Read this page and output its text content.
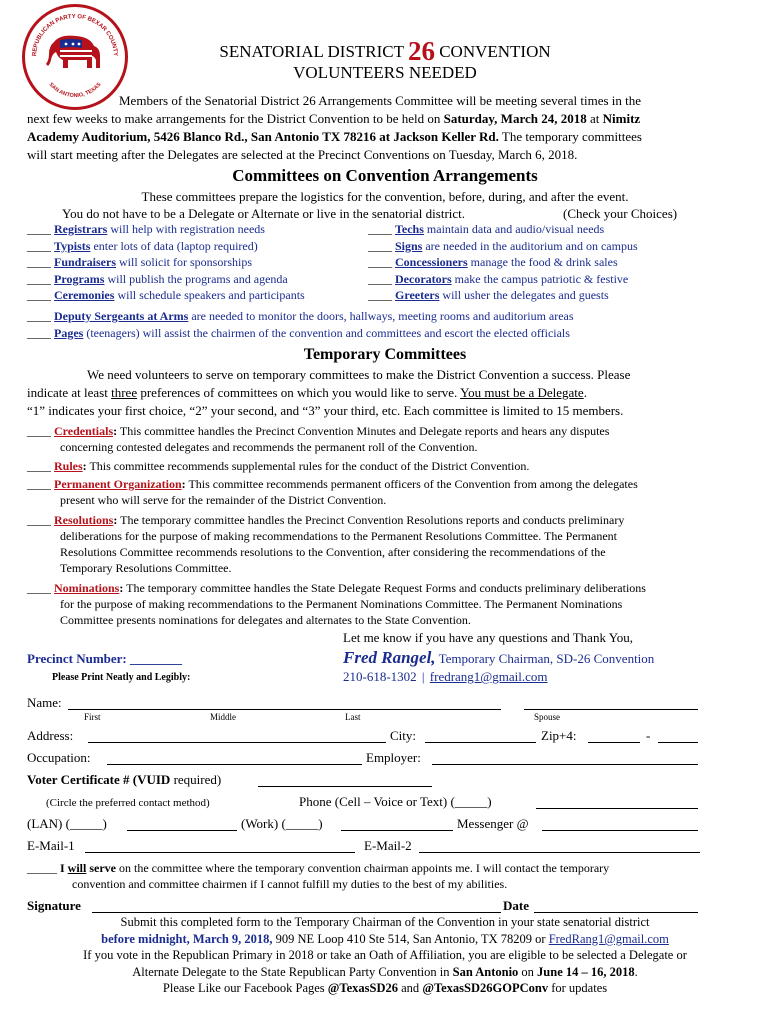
REPUBLICAN PARTY OF BEXAR COUNTY
SAN ANTONIO, TEXAS
SENATORIAL DISTRICT 26 CONVENTION
VOLUNTEERS NEEDED
Members of the Senatorial District 26 Arrangements Committee will be meeting several times in the
next few weeks to make arrangements for the District Convention to be held on Saturday, March 24, 2018 at Nimitz
Academy Auditorium, 5426 Blanco Rd., San Antonio TX 78216 at Jackson Keller Rd. The temporary committees
will start meeting after the Delegates are selected at the Precinct Conventions on Tuesday, March 6, 2018.
Committees on Convention Arrangements
These committees prepare the logistics for the convention, before, during, and after the event.
You do not have to be a Delegate or Alternate or live in the senatorial district.	(Check your Choices)
____ Registrars will help with registration needs
____ Typists enter lots of data (laptop required)
____ Fundraisers will solicit for sponsorships
____ Programs will publish the programs and agenda
____ Ceremonies will schedule speakers and participants
____ Techs maintain data and audio/visual needs
____ Signs are needed in the auditorium and on campus
____ Concessioners manage the food & drink sales
____ Decorators make the campus patriotic & festive
____ Greeters will usher the delegates and guests
____ Deputy Sergeants at Arms are needed to monitor the doors, hallways, meeting rooms and auditorium areas
____ Pages (teenagers) will assist the chairmen of the convention and committees and escort the elected officials
Temporary Committees
We need volunteers to serve on temporary committees to make the District Convention a success. Please
indicate at least three preferences of committees on which you would like to serve. You must be a Delegate.
“1” indicates your first choice, “2” your second, and “3” your third, etc. Each committee is limited to 15 members.
____ Credentials: This committee handles the Precinct Convention Minutes and Delegate reports and hears any disputes
concerning contested delegates and recommends the permanent roll of the Convention.
____ Rules: This committee recommends supplemental rules for the conduct of the District Convention.
____ Permanent Organization: This committee recommends permanent officers of the Convention from among the delegates
present who will serve for the remainder of the District Convention.
____ Resolutions: The temporary committee handles the Precinct Convention Resolutions reports and conducts preliminary
deliberations for the purpose of making recommendations to the Permanent Resolutions Committee. The Permanent
Resolutions Committee recommends resolutions to the Convention, after considering the recommendations of the
Temporary Resolutions Committee.
____ Nominations: The temporary committee handles the State Delegate Request Forms and conducts preliminary deliberations
for the purpose of making recommendations to the Permanent Nominations Committee. The Permanent Nominations
Committee presents nominations for delegates and alternates to the State Convention.
Let me know if you have any questions and Thank You,
Fred Rangel, Temporary Chairman, SD-26 Convention
210-618-1302 | fredrang1@gmail.com
Precinct Number: ________
Please Print Neatly and Legibly:
Name:
First	Middle	Last	Spouse
Address:	City:	Zip+4:	-
Occupation:	Employer:
Voter Certificate # (VUID required)
(Circle the preferred contact method)	Phone (Cell – Voice or Text) (_____)
(LAN) (_____)	(Work) (_____)	Messenger @
E-Mail-1	E-Mail-2
_____ I will serve on the committee where the temporary convention chairman appoints me. I will contact the temporary
convention and committee chairmen if I cannot fulfill my duties to the best of my abilities.
Signature	Date
Submit this completed form to the Temporary Chairman of the Convention in your state senatorial district
before midnight, March 9, 2018, 909 NE Loop 410 Ste 514, San Antonio, TX 78209 or FredRang1@gmail.com
If you vote in the Republican Primary in 2018 or take an Oath of Affiliation, you are eligible to be selected a Delegate or
Alternate Delegate to the State Republican Party Convention in San Antonio on June 14 – 16, 2018.
Please Like our Facebook Pages @TexasSD26 and @TexasSD26GOPConv for updates
